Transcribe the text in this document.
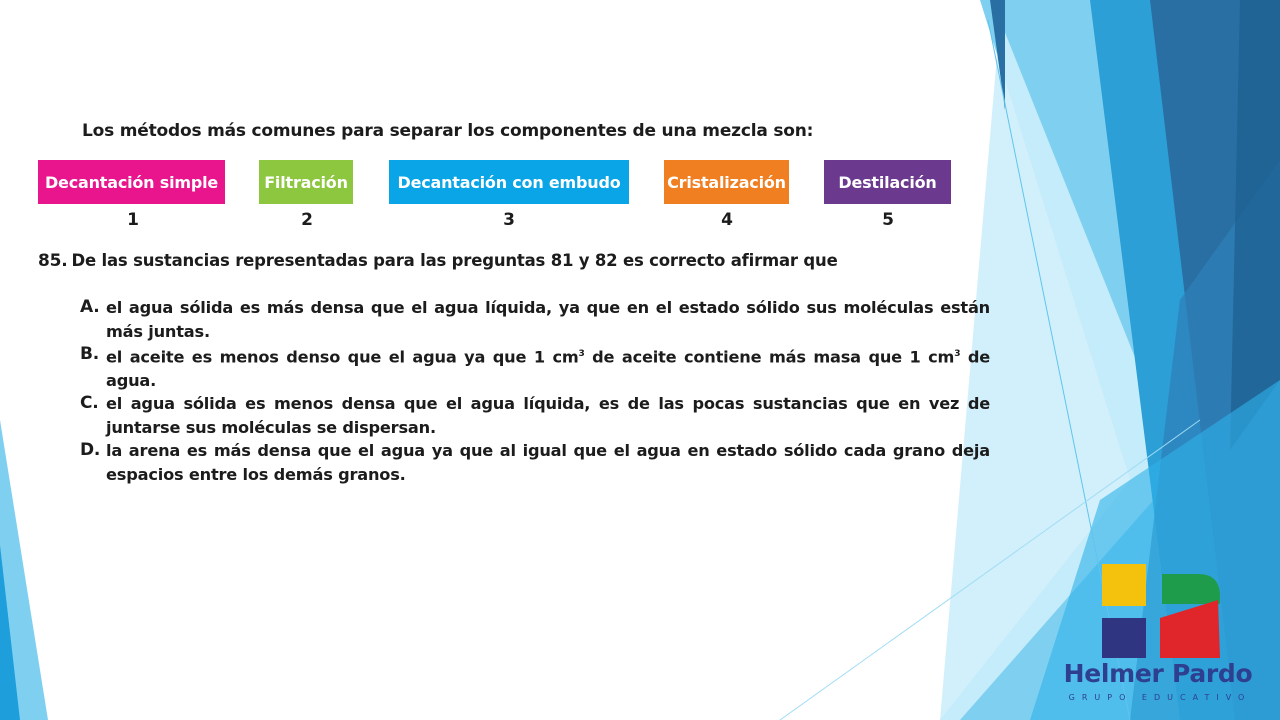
Los métodos más comunes para separar los componentes de una mezcla son:
Decantación simple	Filtración	Decantación con embudo	Cristalización	Destilación
1	2	3	4	5
85. De las sustancias representadas para las preguntas 81 y 82 es correcto afirmar que
A. el agua sólida es más densa que el agua líquida, ya que en el estado sólido sus moléculas están más juntas.
B. el aceite es menos denso que el agua ya que 1 $cm^3$ de aceite contiene más masa que 1 $cm^3$ de agua.
C. el agua sólida es menos densa que el agua líquida, es de las pocas sustancias que en vez de juntarse sus moléculas se dispersan.
D. la arena es más densa que el agua ya que al igual que el agua en estado sólido cada grano deja espacios entre los demás granos.
Helmer Pardo
GRUPO EDUCATIVO
